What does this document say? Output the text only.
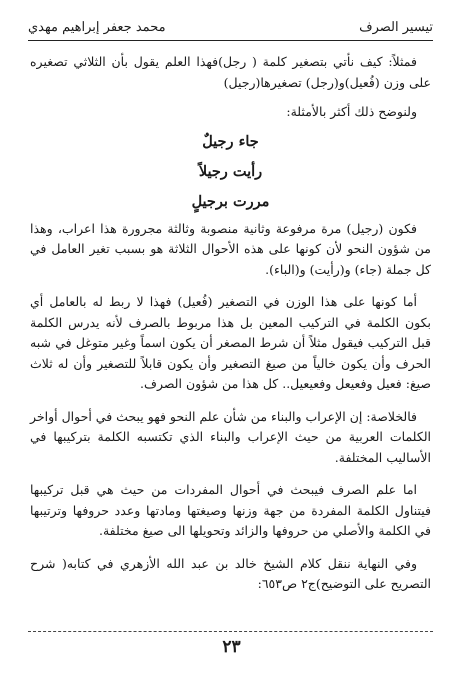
تيسير الصرف
محمد جعفر إبراهيم مهدي

فمثلاً: كيف نأتي بتصغير كلمة ( رجل)فهذا العلم يقول بأن الثلاثي تصغيره على وزن (فُعيل)و(رجل) تصغيرها(رجيل)

ولنوضح ذلك أكثر بالأمثلة:

جاء رجيلٌ
رأيت رجيلاً
مررت برجيلٍ

فكون (رجيل) مرة مرفوعة وثانية منصوبة وثالثة مجرورة هذا اعراب، وهذا من شؤون النحو لأن كونها على هذه الأحوال الثلاثة هو بسبب تغير العامل في كل جملة (جاء) و(رأيت) و(الباء).

أما كونها على هذا الوزن في التصغير (فُعيل) فهذا لا ربط له بالعامل أي بكون الكلمة في التركيب المعين بل هذا مربوط بالصرف لأنه يدرس الكلمة قبل التركيب فيقول مثلاً أن شرط المصغر أن يكون اسماً وغير متوغل في شبه الحرف وأن يكون خالياً من صيغ التصغير وأن يكون قابلاً للتصغير وأن له ثلاث صيغ: فعيل وفعيعل وفعيعيل.. كل هذا من شؤون الصرف.

فالخلاصة: إن الإعراب والبناء من شأن علم النحو فهو يبحث في أحوال أواخر الكلمات العربية من حيث الإعراب والبناء الذي تكتسبه الكلمة بتركيبها في الأساليب المختلفة.

اما علم الصرف فيبحث في أحوال المفردات من حيث هي قبل تركيبها فيتناول الكلمة المفردة من جهة وزنها وصيغتها ومادتها وعدد حروفها وترتيبها في الكلمة والأصلي من حروفها والزائد وتحويلها الى صيغ مختلفة.

وفي النهاية ننقل كلام الشيخ خالد بن عبد الله الأزهري في كتابه( شرح التصريح على التوضيح)ج٢ ص٦٥٣:

٢٣
